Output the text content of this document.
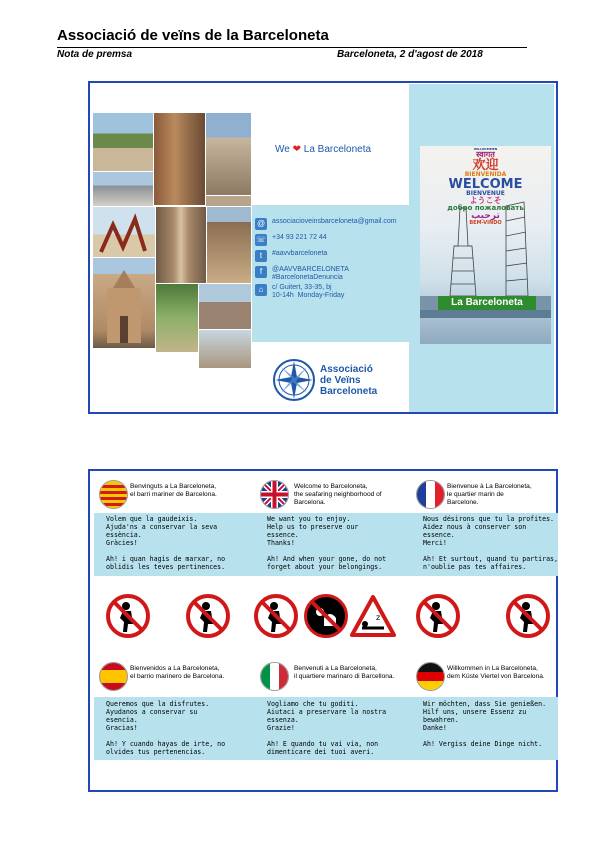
Associació de veïns de la Barceloneta
Nota de premsa	Barceloneta, 2 d'agost de 2018
We ❤ La Barceloneta
@ associacioveinsbarceloneta@gmail.com
☏ +34 93 221 72 44
t	#aavvbarceloneta
f	@AAVVBARCELONETA
#BarcelonetaDenuncia
⌂	c/ Guitert, 33-35, bj
10-14h  Monday-Friday
Associació
de Veïns
Barceloneta
WILLKOMMEN
स्वागत
欢迎
BIENVENIDA
WELCOME
BIENVENUE
ようこそ
добро пожаловать
ترحيب
BEM-VINDO
La Barceloneta
Benvinguts a La Barceloneta,
el barri mariner de Barcelona.
Volem que la gaudeixis.
Ajuda'ns a conservar la seva
essència.
Gràcies!

Ah! i quan hagis de marxar, no
oblidis les teves pertinences.
Welcome to Barceloneta,
the seafaring neighborhood of
Barcelona.
We want you to enjoy.
Help us to preserve our
essence.
Thanks!

Ah! And when your gone, do not
forget about your belongings.
Bienvenue à La Barceloneta,
le quartier marin de
Barcelone.
Nous désirons que tu la profites.
Aidez nous à conserver son
essence.
Merci!

Ah! Et surtout, quand tu partiras,
n'oublie pas tes affaires.
Bienvenidos a La Barceloneta,
el barrio marinero de Barcelona.
Queremos que la disfrutes.
Ayudanos a conservar su
esencia.
Gracias!

Ah! Y cuando hayas de irte, no
olvides tus pertenencias.
Benvenuti a La Barceloneta,
il quartiere marinaro di Barcellona.
Vogliamo che tu goditi.
Aiutaci a preservare la nostra
essenza.
Grazie!

Ah! E quando tu vai via, non
dimenticare dei tuoi averi.
Willkommen in La Barceloneta,
dem Küste Viertel von Barcelona.
Wir möchten, dass Sie genießen.
Hilf uns, unsere Essenz zu
bewahren.
Danke!

Ah! Vergiss deine Dinge nicht.
z
